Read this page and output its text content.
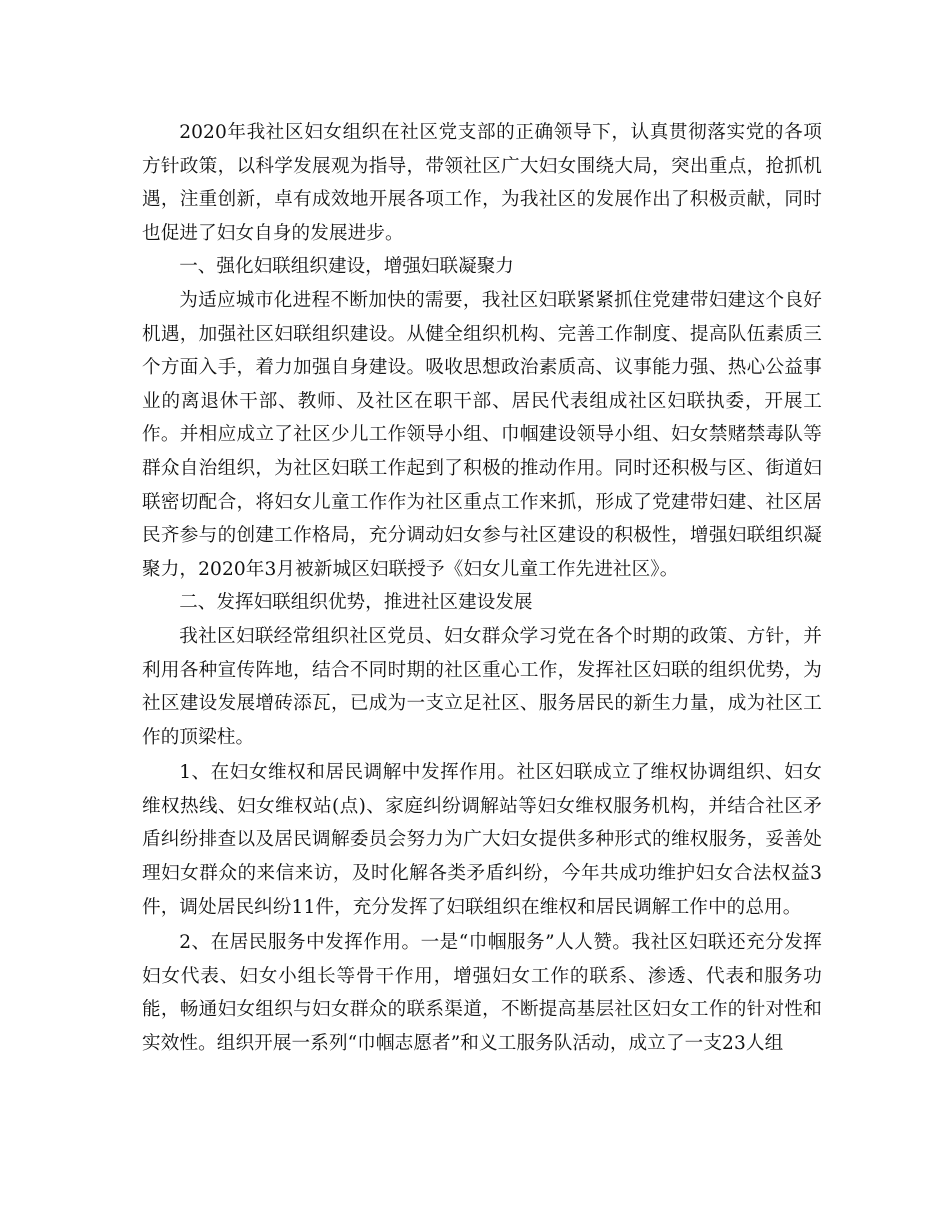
2020年我社区妇女组织在社区党支部的正确领导下，认真贯彻落实党的各项方针政策，以科学发展观为指导，带领社区广大妇女围绕大局，突出重点，抢抓机遇，注重创新，卓有成效地开展各项工作，为我社区的发展作出了积极贡献，同时也促进了妇女自身的发展进步。

一、强化妇联组织建设，增强妇联凝聚力

为适应城市化进程不断加快的需要，我社区妇联紧紧抓住党建带妇建这个良好机遇，加强社区妇联组织建设。从健全组织机构、完善工作制度、提高队伍素质三个方面入手，着力加强自身建设。吸收思想政治素质高、议事能力强、热心公益事业的离退休干部、教师、及社区在职干部、居民代表组成社区妇联执委，开展工作。并相应成立了社区少儿工作领导小组、巾帼建设领导小组、妇女禁赌禁毒队等群众自治组织，为社区妇联工作起到了积极的推动作用。同时还积极与区、街道妇联密切配合，将妇女儿童工作作为社区重点工作来抓，形成了党建带妇建、社区居民齐参与的创建工作格局，充分调动妇女参与社区建设的积极性，增强妇联组织凝聚力，2020年3月被新城区妇联授予《妇女儿童工作先进社区》。

二、发挥妇联组织优势，推进社区建设发展

我社区妇联经常组织社区党员、妇女群众学习党在各个时期的政策、方针，并利用各种宣传阵地，结合不同时期的社区重心工作，发挥社区妇联的组织优势，为社区建设发展增砖添瓦，已成为一支立足社区、服务居民的新生力量，成为社区工作的顶梁柱。

1、在妇女维权和居民调解中发挥作用。社区妇联成立了维权协调组织、妇女维权热线、妇女维权站(点)、家庭纠纷调解站等妇女维权服务机构，并结合社区矛盾纠纷排查以及居民调解委员会努力为广大妇女提供多种形式的维权服务，妥善处理妇女群众的来信来访，及时化解各类矛盾纠纷，今年共成功维护妇女合法权益3件，调处居民纠纷11件，充分发挥了妇联组织在维权和居民调解工作中的总用。

2、在居民服务中发挥作用。一是“巾帼服务”人人赞。我社区妇联还充分发挥妇女代表、妇女小组长等骨干作用，增强妇女工作的联系、渗透、代表和服务功能，畅通妇女组织与妇女群众的联系渠道，不断提高基层社区妇女工作的针对性和实效性。组织开展一系列“巾帼志愿者”和义工服务队活动，成立了一支23人组
